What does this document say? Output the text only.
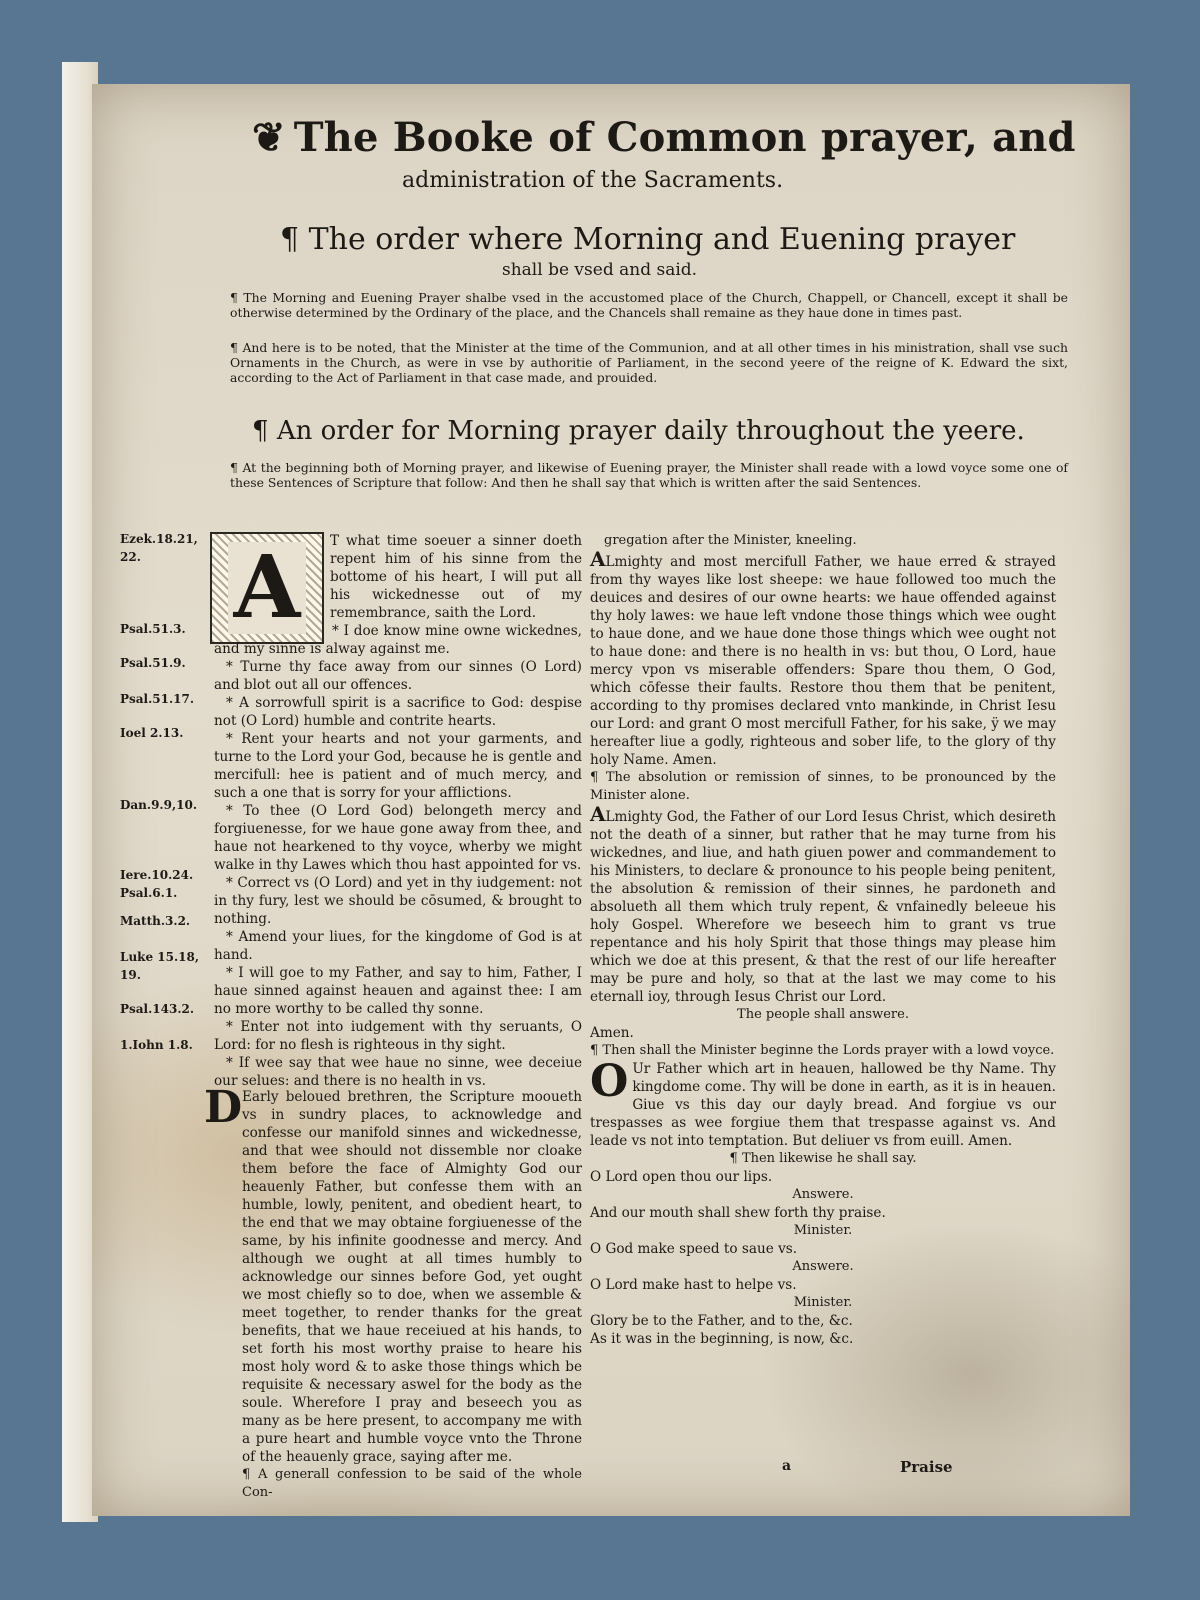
❦ The Booke of Common prayer, and
administration of the Sacraments.
¶ The order where Morning and Euening prayer
shall be vsed and said.

¶ The Morning and Euening Prayer shalbe vsed in the accustomed place of the Church, Chappell, or Chancell, except it shall be otherwise determined by the Ordinary of the place, and the Chancels shall remaine as they haue done in times past.

¶ And here is to be noted, that the Minister at the time of the Communion, and at all other times in his ministration, shall vse such Ornaments in the Church, as were in vse by authoritie of Parliament, in the second yeere of the reigne of K. Edward the sixt, according to the Act of Parliament in that case made, and prouided.

¶ An order for Morning prayer daily throughout the yeere.

¶ At the beginning both of Morning prayer, and likewise of Euening prayer, the Minister shall reade with a lowd voyce some one of these Sentences of Scripture that follow: And then he shall say that which is written after the said Sentences.

Ezek.18.21,
22.
Psal.51.3.
Psal.51.9.
Psal.51.17.
Ioel 2.13.
Dan.9.9,10.
Iere.10.24.
Psal.6.1.
Matth.3.2.
Luke 15.18,
19.
Psal.143.2.
1.Iohn 1.8.
A	T what time soeuer a sinner doeth repent him of his sinne from the bottome of his heart, I will put all his wickednesse out of my remembrance, saith the Lord.

* I doe know mine owne wickednes, and my sinne is alway against me.

* Turne thy face away from our sinnes (O Lord) and blot out all our offences.

* A sorrowfull spirit is a sacrifice to God: despise not (O Lord) humble and contrite hearts.

* Rent your hearts and not your garments, and turne to the Lord your God, because he is gentle and mercifull: hee is patient and of much mercy, and such a one that is sorry for your afflictions.

* To thee (O Lord God) belongeth mercy and forgiuenesse, for we haue gone away from thee, and haue not hearkened to thy voyce, wherby we might walke in thy Lawes which thou hast appointed for vs.

* Correct vs (O Lord) and yet in thy iudgement: not in thy fury, lest we should be cōsumed, & brought to nothing.

* Amend your liues, for the kingdome of God is at hand.

* I will goe to my Father, and say to him, Father, I haue sinned against heauen and against thee: I am no more worthy to be called thy sonne.

* Enter not into iudgement with thy seruants, O Lord: for no flesh is righteous in thy sight.

* If wee say that wee haue no sinne, wee deceiue our selues: and there is no health in vs.

D Early beloued brethren, the Scripture mooueth vs in sundry places, to acknowledge and confesse our manifold sinnes and wickednesse, and that wee should not dissemble nor cloake them before the face of Almighty God our heauenly Father, but confesse them with an humble, lowly, penitent, and obedient heart, to the end that we may obtaine forgiuenesse of the same, by his infinite goodnesse and mercy. And although we ought at all times humbly to acknowledge our sinnes before God, yet ought we most chiefly so to doe, when we assemble & meet together, to render thanks for the great benefits, that we haue receiued at his hands, to set forth his most worthy praise to heare his most holy word & to aske those things which be requisite & necessary aswel for the body as the soule. Wherefore I pray and beseech you as many as be here present, to accompany me with a pure heart and humble voyce vnto the Throne of the heauenly grace, saying after me.

¶ A generall confession to be said of the whole Con-

gregation after the Minister, kneeling.

ALmighty and most mercifull Father, we haue erred & strayed from thy wayes like lost sheepe: we haue followed too much the deuices and desires of our owne hearts: we haue offended against thy holy lawes: we haue left vndone those things which wee ought to haue done, and we haue done those things which wee ought not to haue done: and there is no health in vs: but thou, O Lord, haue mercy vpon vs miserable offenders: Spare thou them, O God, which cōfesse their faults. Restore thou them that be penitent, according to thy promises declared vnto mankinde, in Christ Iesu our Lord: and grant O most mercifull Father, for his sake, ÿ we may hereafter liue a godly, righteous and sober life, to the glory of thy holy Name. Amen.

¶ The absolution or remission of sinnes, to be pronounced by the Minister alone.

ALmighty God, the Father of our Lord Iesus Christ, which desireth not the death of a sinner, but rather that he may turne from his wickednes, and liue, and hath giuen power and commandement to his Ministers, to declare & pronounce to his people being penitent, the absolution & remission of their sinnes, he pardoneth and absolueth all them which truly repent, & vnfainedly beleeue his holy Gospel. Wherefore we beseech him to grant vs true repentance and his holy Spirit that those things may please him which we doe at this present, & that the rest of our life hereafter may be pure and holy, so that at the last we may come to his eternall ioy, through Iesus Christ our Lord.

The people shall answere.

Amen.

¶ Then shall the Minister beginne the Lords prayer with a lowd voyce.

O Ur Father which art in heauen, hallowed be thy Name. Thy kingdome come. Thy will be done in earth, as it is in heauen. Giue vs this day our dayly bread. And forgiue vs our trespasses as wee forgiue them that trespasse against vs. And leade vs not into temptation. But deliuer vs from euill. Amen.

¶ Then likewise he shall say.

O Lord open thou our lips.

Answere.

And our mouth shall shew forth thy praise.

Minister.

O God make speed to saue vs.

Answere.

O Lord make hast to helpe vs.

Minister.

Glory be to the Father, and to the, &c.

As it was in the beginning, is now, &c.

a	Praise
